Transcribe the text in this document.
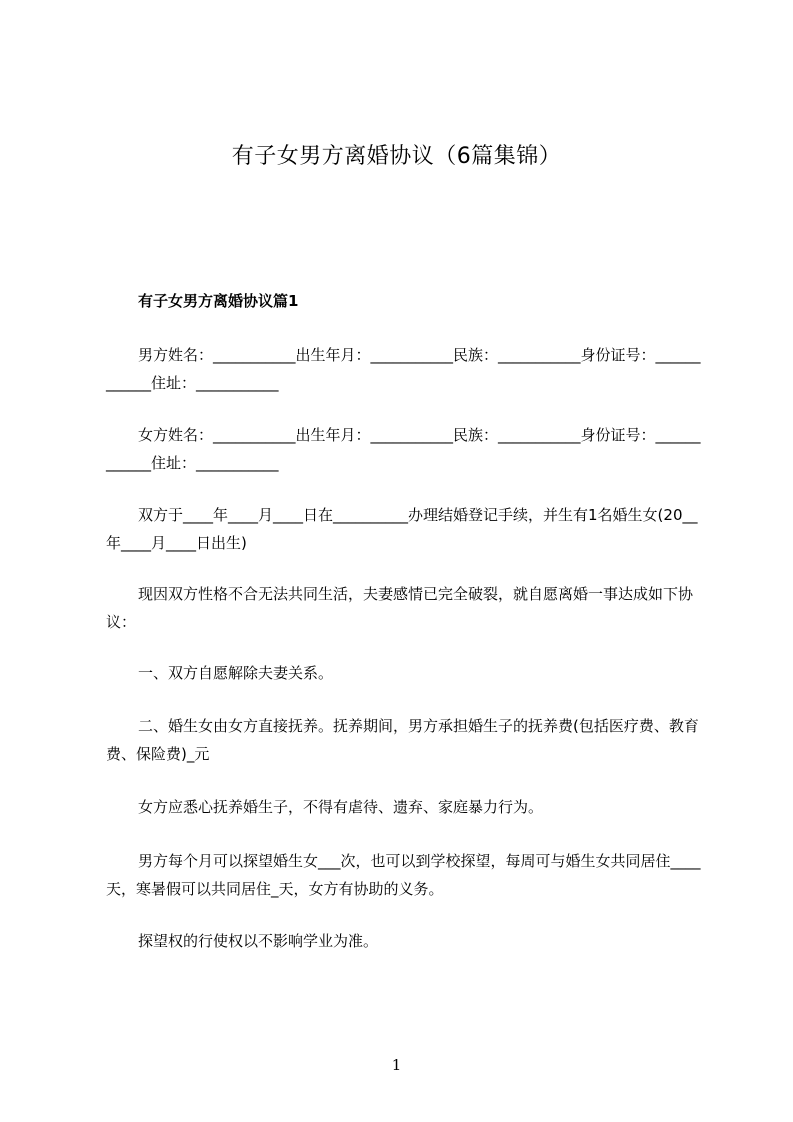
有子女男方离婚协议（6篇集锦）
有子女男方离婚协议篇1

男方姓名：___________出生年月：___________民族：___________身份证号：____________住址：___________

女方姓名：___________出生年月：___________民族：___________身份证号：____________住址：___________

双方于____年____月____日在__________办理结婚登记手续，并生有1名婚生女(20__年____月____日出生)

现因双方性格不合无法共同生活，夫妻感情已完全破裂，就自愿离婚一事达成如下协议：

一、双方自愿解除夫妻关系。

二、婚生女由女方直接抚养。抚养期间，男方承担婚生子的抚养费(包括医疗费、教育费、保险费)_元

女方应悉心抚养婚生子，不得有虐待、遗弃、家庭暴力行为。

男方每个月可以探望婚生女___次，也可以到学校探望，每周可与婚生女共同居住____天，寒暑假可以共同居住_天，女方有协助的义务。

探望权的行使权以不影响学业为准。

1
